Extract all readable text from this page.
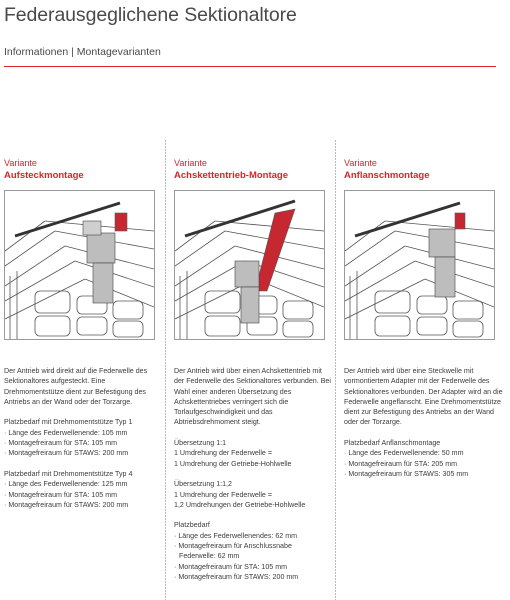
Federausgeglichene Sektionaltore
Informationen | Montagevarianten
Variante
Aufsteckmontage
Der Antrieb wird direkt auf die Federwelle des Sektionaltores aufgesteckt. Eine Drehmomentstütze dient zur Befestigung des Antriebs an der Wand oder der Torzarge.
Platzbedarf mit Drehmomentstütze Typ 1
· Länge des Federwellenende: 105 mm
· Montagefreiraum für STA: 105 mm
· Montagefreiraum für STAWS: 200 mm
Platzbedarf mit Drehmomentstütze Typ 4
· Länge des Federwellenende: 125 mm
· Montagefreiraum für STA: 105 mm
· Montagefreiraum für STAWS: 200 mm
Variante
Achskettentrieb-Montage
Der Antrieb wird über einen Achskettentrieb mit der Federwelle des Sektionaltores verbunden. Bei Wahl einer anderen Übersetzung des Achskettentriebes verringert sich die Torlaufgeschwindigkeit und das Abtriebsdrehmoment steigt.
Übersetzung 1:1
1 Umdrehung der Federwelle =
1 Umdrehung der Getriebe-Hohlwelle
Übersetzung 1:1,2
1 Umdrehung der Federwelle =
1,2 Umdrehungen der Getriebe-Hohlwelle
Platzbedarf
· Länge des Federwellenendes: 62 mm
· Montagefreiraum für Anschlussnabe
Federwelle: 62 mm
· Montagefreiraum für STA: 105 mm
· Montagefreiraum für STAWS: 200 mm
Variante
Anflanschmontage
Der Antrieb wird über eine Steckwelle mit vormontiertem Adapter mit der Federwelle des Sektionaltores verbunden. Der Adapter wird an die Federwelle angeflanscht. Eine Drehmomentstütze dient zur Befestigung des Antriebs an der Wand oder der Torzarge.
Platzbedarf Anflanschmontage
· Länge des Federwellenende: 50 mm
· Montagefreiraum für STA: 205 mm
· Montagefreiraum für STAWS: 305 mm
